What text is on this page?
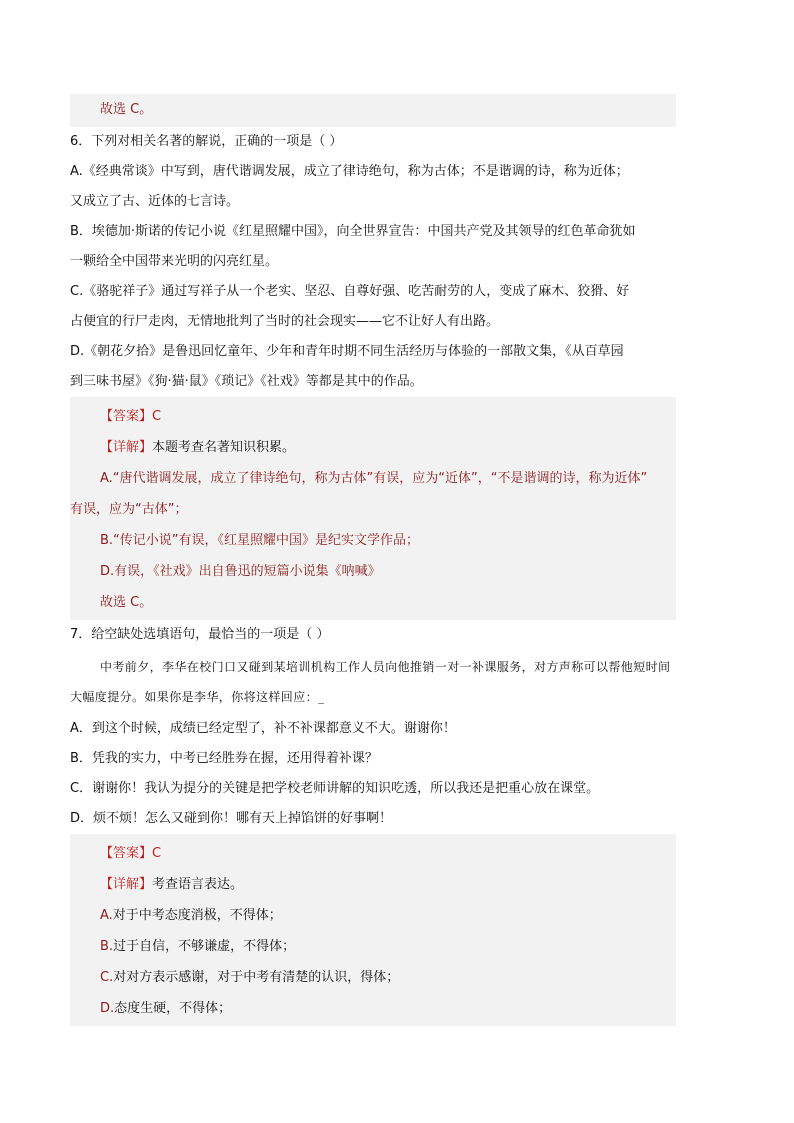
故选 C。
6．下列对相关名著的解说，正确的一项是（ ）
A.《经典常谈》中写到，唐代谐调发展，成立了律诗绝句，称为古体；不是谐调的诗，称为近体；
又成立了古、近体的七言诗。
B．埃德加·斯诺的传记小说《红星照耀中国》，向全世界宣告：中国共产党及其领导的红色革命犹如
一颗给全中国带来光明的闪亮红星。
C.《骆驼祥子》通过写祥子从一个老实、坚忍、自尊好强、吃苦耐劳的人，变成了麻木、狡猾、好
占便宜的行尸走肉，无情地批判了当时的社会现实——它不让好人有出路。
D.《朝花夕拾》是鲁迅回忆童年、少年和青年时期不同生活经历与体验的一部散文集，《从百草园
到三味书屋》《狗·猫·鼠》《琐记》《社戏》等都是其中的作品。
【答案】C
【详解】本题考查名著知识积累。
A.“唐代谐调发展，成立了律诗绝句，称为古体”有误，应为“近体”，“不是谐调的诗，称为近体”
有误，应为“古体”；
B.“传记小说”有误，《红星照耀中国》是纪实文学作品；
D.有误，《社戏》出自鲁迅的短篇小说集《呐喊》
故选 C。
7．给空缺处选填语句，最恰当的一项是（ ）
中考前夕，李华在校门口又碰到某培训机构工作人员向他推销一对一补课服务，对方声称可以帮他短时间大幅度提分。如果你是李华，你将这样回应：_
A．到这个时候，成绩已经定型了，补不补课都意义不大。谢谢你！
B．凭我的实力，中考已经胜券在握，还用得着补课？
C．谢谢你！我认为提分的关键是把学校老师讲解的知识吃透，所以我还是把重心放在课堂。
D．烦不烦！怎么又碰到你！哪有天上掉馅饼的好事啊！
【答案】C
【详解】考查语言表达。
A.对于中考态度消极，不得体；
B.过于自信，不够谦虚，不得体；
C.对对方表示感谢，对于中考有清楚的认识，得体；
D.态度生硬，不得体；
